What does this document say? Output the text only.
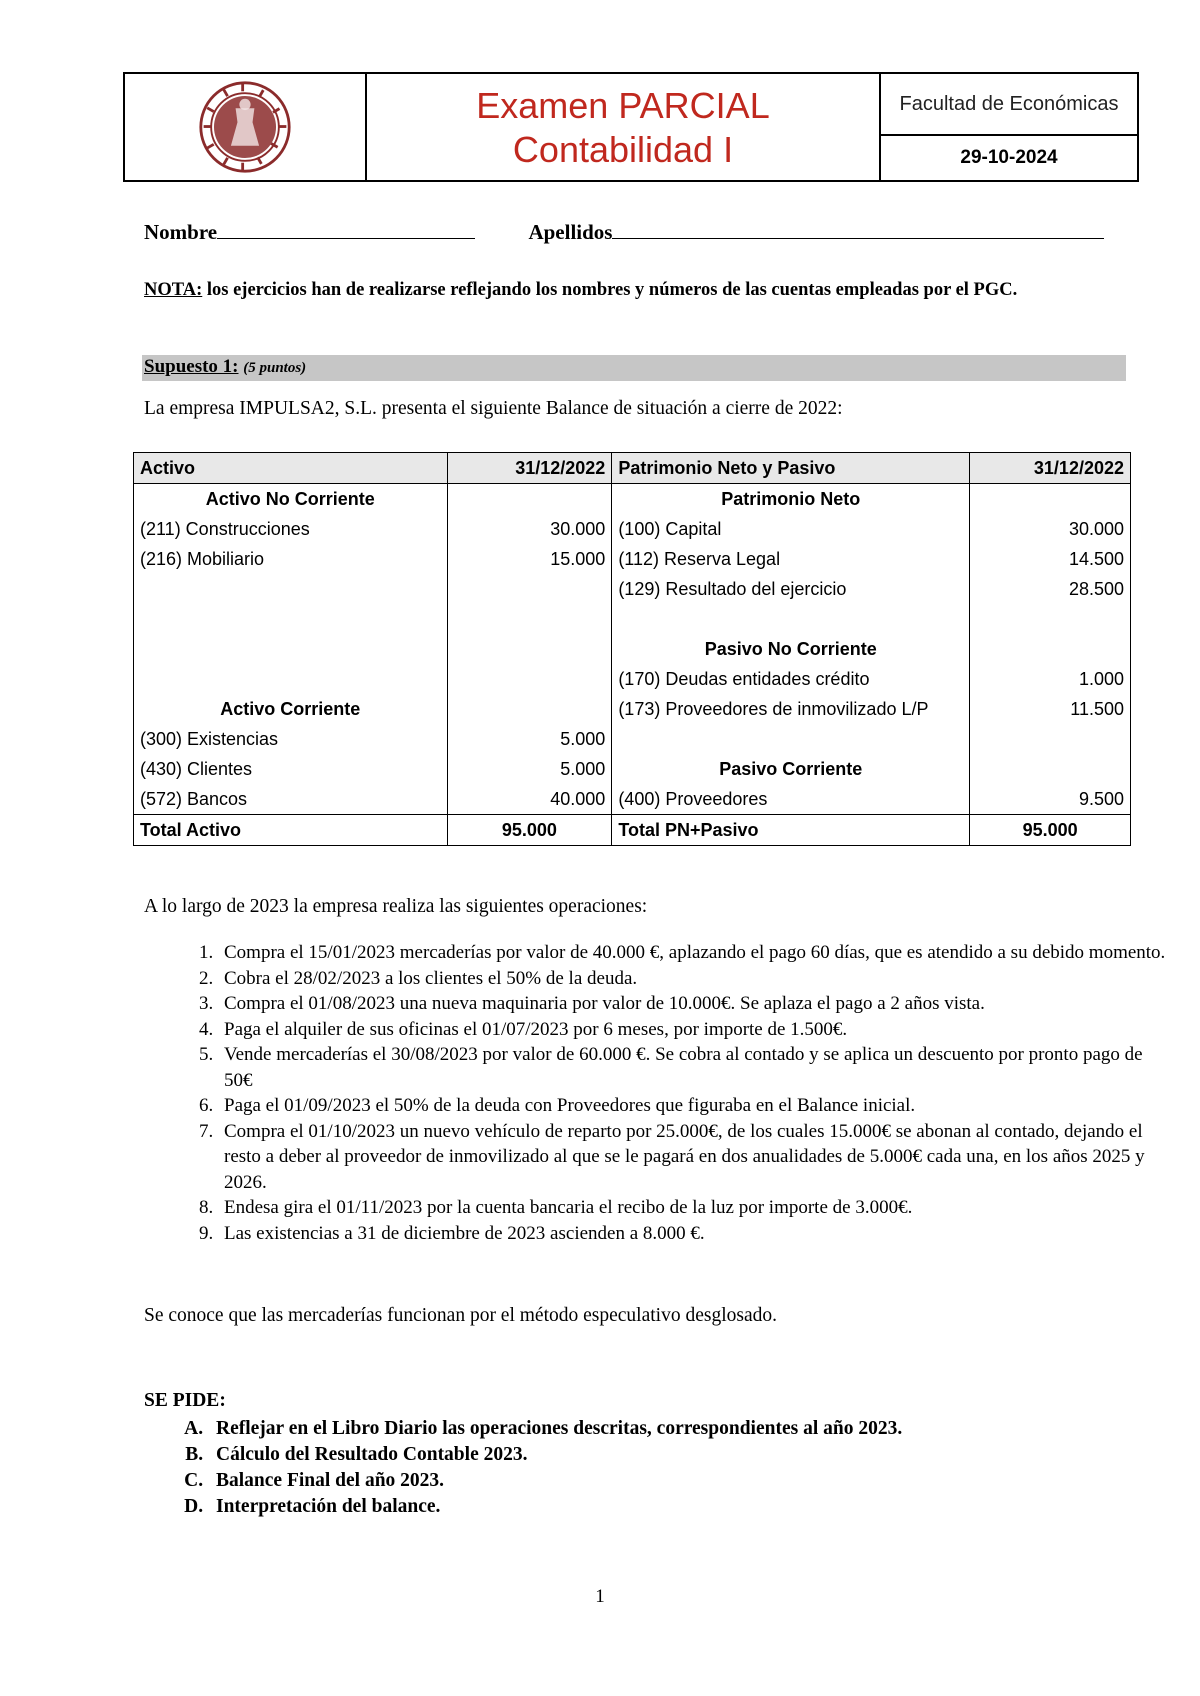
Examen PARCIAL
Contabilidad I
Facultad de Económicas
29-10-2024
Nombre	Apellidos
NOTA: los ejercicios han de realizarse reflejando los nombres y números de las cuentas empleadas por el PGC.
Supuesto 1: (5 puntos)
La empresa IMPULSA2, S.L. presenta el siguiente Balance de situación a cierre de 2022:
Activo	31/12/2022	Patrimonio Neto y Pasivo	31/12/2022
Activo No Corriente		Patrimonio Neto	
(211) Construcciones	30.000	(100) Capital	30.000
(216) Mobiliario	15.000	(112) Reserva Legal	14.500
		(129) Resultado del ejercicio	28.500

		Pasivo No Corriente	
		(170) Deudas entidades crédito	1.000
Activo Corriente		(173) Proveedores de inmovilizado L/P	11.500
(300) Existencias	5.000		
(430) Clientes	5.000	Pasivo Corriente	
(572) Bancos	40.000	(400) Proveedores	9.500
Total Activo	95.000	Total PN+Pasivo	95.000
A lo largo de 2023 la empresa realiza las siguientes operaciones:
1. Compra el 15/01/2023 mercaderías por valor de 40.000 €, aplazando el pago 60 días, que es atendido a su debido momento.
2. Cobra el 28/02/2023 a los clientes el 50% de la deuda.
3. Compra el 01/08/2023 una nueva maquinaria por valor de 10.000€. Se aplaza el pago a 2 años vista.
4. Paga el alquiler de sus oficinas el 01/07/2023 por 6 meses, por importe de 1.500€.
5. Vende mercaderías el 30/08/2023 por valor de 60.000 €. Se cobra al contado y se aplica un descuento por pronto pago de 50€
6. Paga el 01/09/2023 el 50% de la deuda con Proveedores que figuraba en el Balance inicial.
7. Compra el 01/10/2023 un nuevo vehículo de reparto por 25.000€, de los cuales 15.000€ se abonan al contado, dejando el resto a deber al proveedor de inmovilizado al que se le pagará en dos anualidades de 5.000€ cada una, en los años 2025 y 2026.
8. Endesa gira el 01/11/2023 por la cuenta bancaria el recibo de la luz por importe de 3.000€.
9. Las existencias a 31 de diciembre de 2023 ascienden a 8.000 €.
Se conoce que las mercaderías funcionan por el método especulativo desglosado.
SE PIDE:
A. Reflejar en el Libro Diario las operaciones descritas, correspondientes al año 2023.
B. Cálculo del Resultado Contable 2023.
C. Balance Final del año 2023.
D. Interpretación del balance.
1
